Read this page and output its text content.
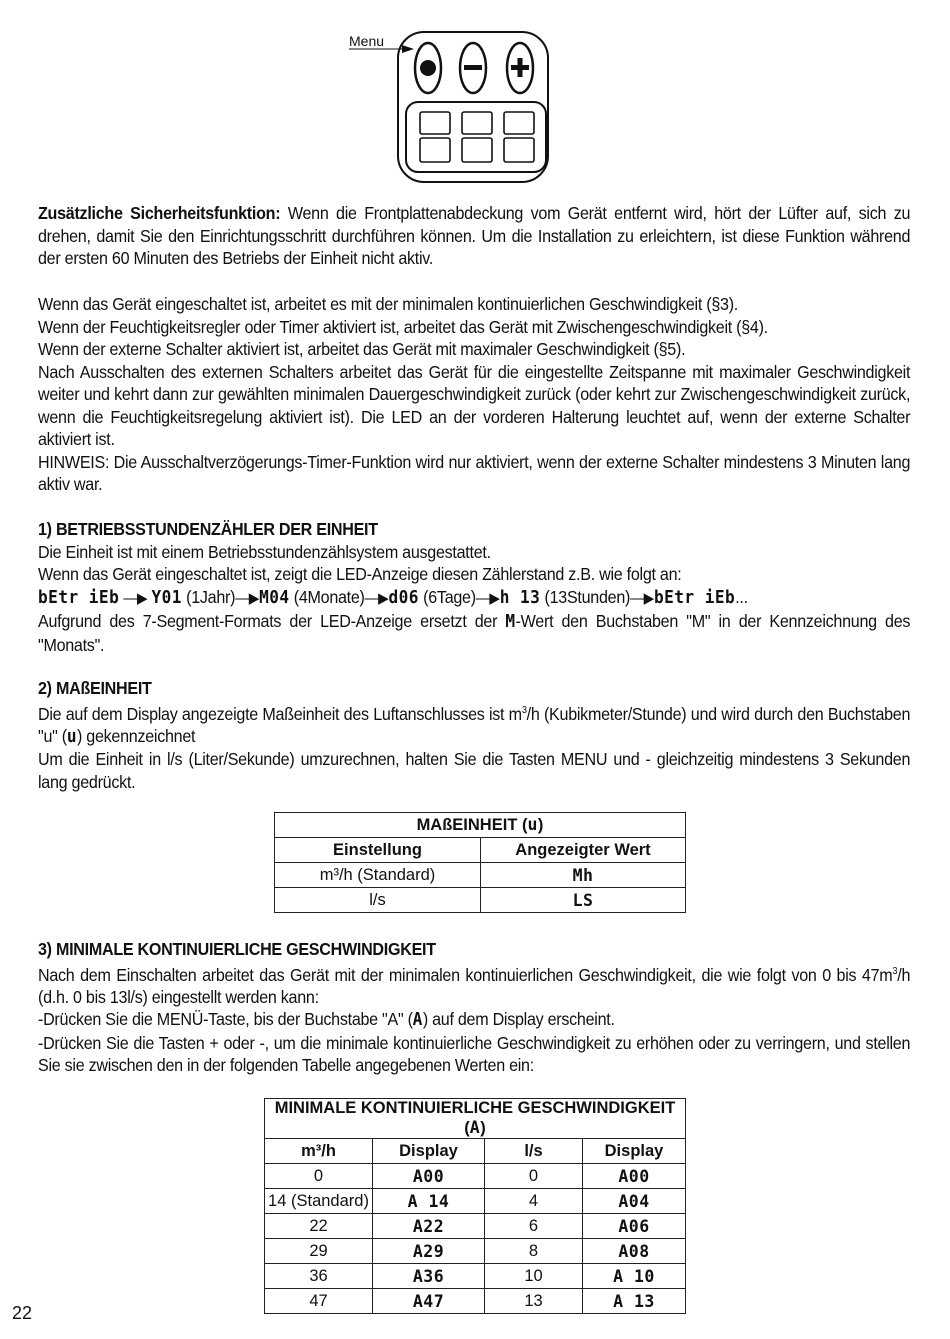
Menu

Zusätzliche Sicherheitsfunktion: Wenn die Frontplattenabdeckung vom Gerät entfernt wird, hört der Lüfter auf, sich zu drehen, damit Sie den Einrichtungsschritt durchführen können. Um die Installation zu erleichtern, ist diese Funktion während der ersten 60 Minuten des Betriebs der Einheit nicht aktiv.

Wenn das Gerät eingeschaltet ist, arbeitet es mit der minimalen kontinuierlichen Geschwindigkeit (§3).

Wenn der Feuchtigkeitsregler oder Timer aktiviert ist, arbeitet das Gerät mit Zwischengeschwindigkeit (§4).

Wenn der externe Schalter aktiviert ist, arbeitet das Gerät mit maximaler Geschwindigkeit (§5).

Nach Ausschalten des externen Schalters arbeitet das Gerät für die eingestellte Zeitspanne mit maximaler Geschwindigkeit weiter und kehrt dann zur gewählten minimalen Dauergeschwindigkeit zurück (oder kehrt zur Zwischengeschwindigkeit zurück, wenn die Feuchtigkeitsregelung aktiviert ist). Die LED an der vorderen Halterung leuchtet auf, wenn der externe Schalter aktiviert ist.

HINWEIS: Die Ausschaltverzögerungs-Timer-Funktion wird nur aktiviert, wenn der externe Schalter mindestens 3 Minuten lang aktiv war.

1) BETRIEBSSTUNDENZÄHLER DER EINHEIT

Die Einheit ist mit einem Betriebsstundenzählsystem ausgestattet.

Wenn das Gerät eingeschaltet ist, zeigt die LED-Anzeige diesen Zählerstand z.B. wie folgt an:

bEtr iEb —▶ Y01 (1Jahr)—▶M04 (4Monate)—▶d06 (6Tage)—▶h 13 (13Stunden)—▶bEtr iEb...

Aufgrund des 7-Segment-Formats der LED-Anzeige ersetzt der M-Wert den Buchstaben "M" in der Kennzeichnung des "Monats".

2) MAßEINHEIT

Die auf dem Display angezeigte Maßeinheit des Luftanschlusses ist $m^3/h$ (Kubikmeter/Stunde) und wird durch den Buchstaben "u" (u) gekennzeichnet

Um die Einheit in l/s (Liter/Sekunde) umzurechnen, halten Sie die Tasten MENU und - gleichzeitig mindestens 3 Sekunden lang gedrückt.

MAßEINHEIT (u)	
Einstellung	Angezeigter Wert
m³/h (Standard)	Mh
l/s	LS

3) MINIMALE KONTINUIERLICHE GESCHWINDIGKEIT

Nach dem Einschalten arbeitet das Gerät mit der minimalen kontinuierlichen Geschwindigkeit, die wie folgt von 0 bis $47m^3/h$ (d.h. 0 bis 13l/s) eingestellt werden kann:

-Drücken Sie die MENÜ-Taste, bis der Buchstabe "A" (A) auf dem Display erscheint.

-Drücken Sie die Tasten + oder -, um die minimale kontinuierliche Geschwindigkeit zu erhöhen oder zu verringern, und stellen Sie sie zwischen den in der folgenden Tabelle angegebenen Werten ein:

MINIMALE KONTINUIERLICHE GESCHWINDIGKEIT (A)			
m³/h	Display	l/s	Display
0	A00	0	A00
14 (Standard)	A 14	4	A04
22	A22	6	A06
29	A29	8	A08
36	A36	10	A 10
47	A47	13	A 13
22
